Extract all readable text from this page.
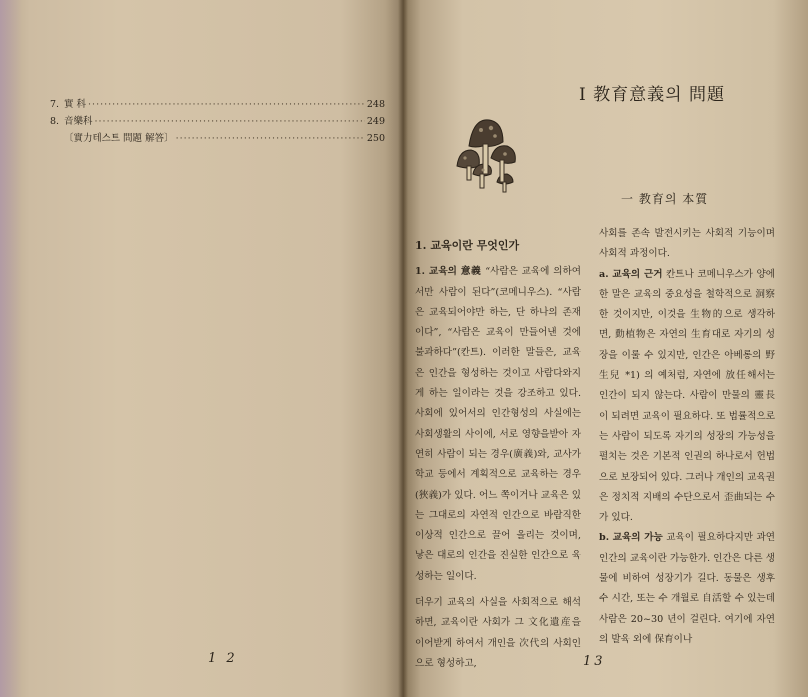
7. 實 科 ·····	248
8. 音樂科 ·····	249
〔實力테스트 問題 解答〕 ·····	250
1 2
Ⅰ 教育意義의 問題
一 教育의 本質

1. 교육이란 무엇인가

1. 교육의 意義 “사람은 교육에 의하여서만 사람이 된다”(코메니우스). “사람은 교육되어야만 하는, 단 하나의 존재이다”, “사람은 교육이 만들어낸 것에 불과하다”(칸트). 이러한 말들은, 교육은 인간을 형성하는 것이고 사람다와지게 하는 일이라는 것을 강조하고 있다. 사회에 있어서의 인간형성의 사실에는 사회생활의 사이에, 서로 영향을받아 자연히 사람이 되는 경우(廣義)와, 교사가 학교 등에서 계획적으로 교육하는 경우(狹義)가 있다. 어느 쪽이거나 교육은 있는 그대로의 자연적 인간으로 바람직한 이상적 인간으로 끌어 올리는 것이며, 낳은 대로의 인간을 진실한 인간으로 육성하는 일이다.

더우기 교육의 사실을 사회적으로 해석하면, 교육이란 사회가 그 文化遺産을 이어받게 하여서 개인을 次代의 사회인으로 형성하고,

사회를 존속 발전시키는 사회적 기능이며 사회적 과정이다.

a. 교육의 근거 칸트나 코메니우스가 양에 한 말은 교육의 중요성을 철학적으로 洞察한 것이지만, 이것을 生物的으로 생각하면, 動植物은 자연의 生育대로 자기의 성장을 이룰 수 있지만, 인간은 아베롱의 野生兒 *1) 의 예처럼, 자연에 放任해서는 인간이 되지 않는다. 사람이 만물의 靈長이 되려면 교육이 필요하다. 또 법률적으로는 사람이 되도록 자기의 성장의 가능성을 펼치는 것은 기본적 인권의 하나로서 헌법으로 보장되어 있다. 그러나 개인의 교육권은 정치적 지배의 수단으로서 歪曲되는 수가 있다.

b. 교육의 가능 교육이 필요하다지만 과연 인간의 교육이란 가능한가. 인간은 다른 생물에 비하여 성장기가 길다. 동물은 생후 수 시간, 또는 수 개월로 自活할 수 있는데 사람은 20~30 년이 걸린다. 여기에 자연의 발육 외에 保育이나

13
